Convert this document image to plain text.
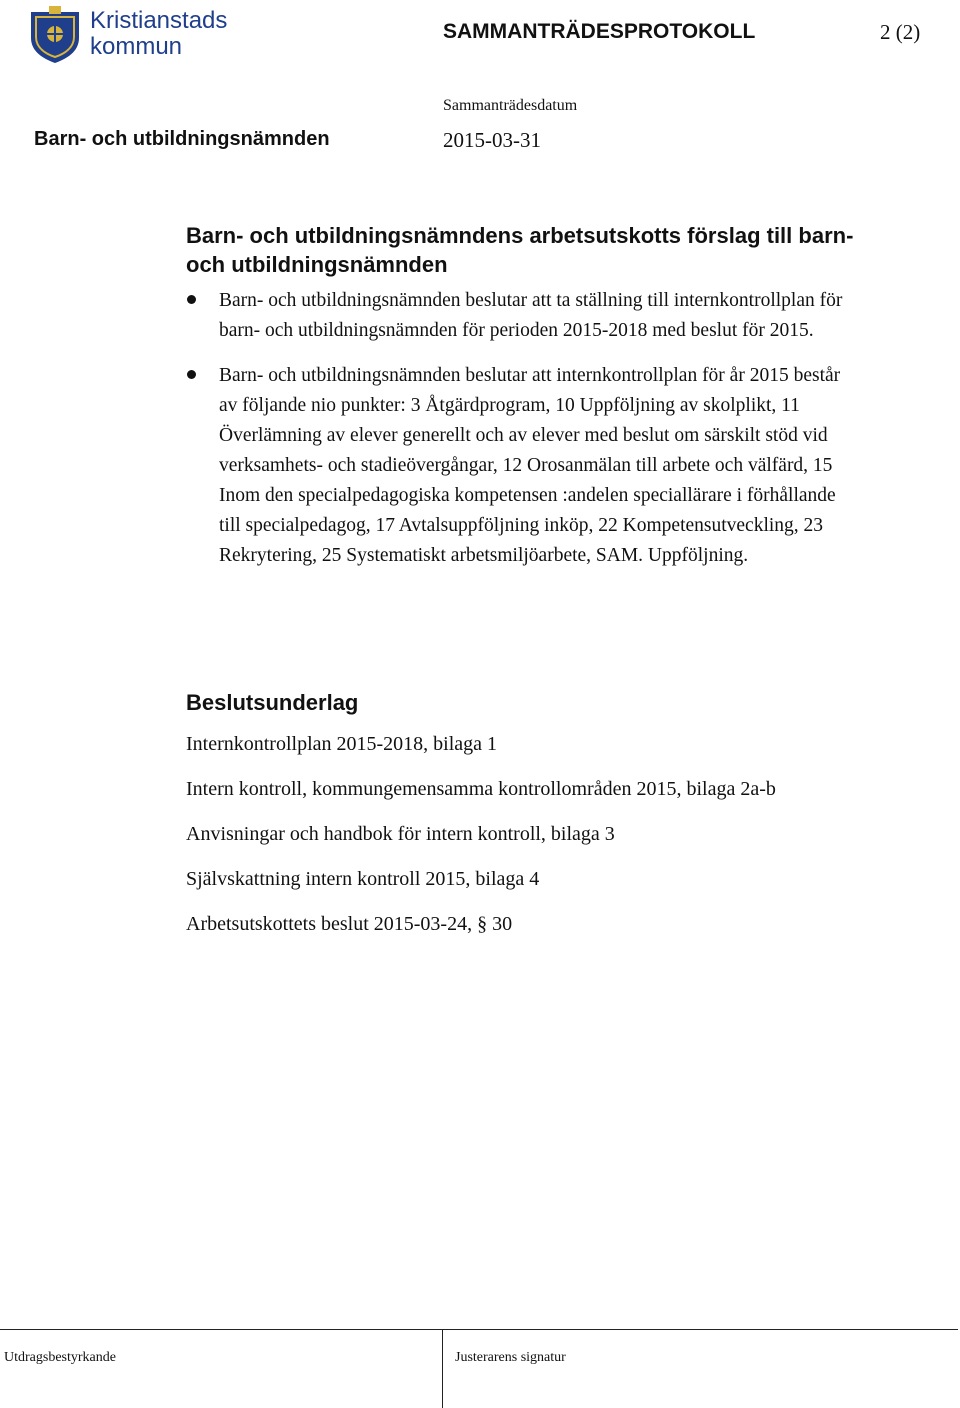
Kristianstads
kommun
SAMMANTRÄDESPROTOKOLL	2 (2)
Sammanträdesdatum
Barn- och utbildningsnämnden	2015-03-31
Barn- och utbildningsnämndens arbetsutskotts förslag till barn- och utbildningsnämnden
Barn- och utbildningsnämnden beslutar att ta ställning till internkontrollplan för barn- och utbildningsnämnden för perioden 2015-2018 med beslut för 2015.
Barn- och utbildningsnämnden beslutar att internkontrollplan för år 2015 består av följande nio punkter: 3 Åtgärdprogram, 10 Uppföljning av skolplikt, 11 Överlämning av elever generellt och av elever med beslut om särskilt stöd vid verksamhets- och stadieövergångar, 12 Orosanmälan till arbete och välfärd, 15 Inom den specialpedagogiska kompetensen :andelen speciallärare i förhållande till specialpedagog, 17 Avtalsuppföljning inköp, 22 Kompetensutveckling, 23 Rekrytering, 25 Systematiskt arbetsmiljöarbete, SAM. Uppföljning.
Beslutsunderlag
Internkontrollplan 2015-2018, bilaga 1
Intern kontroll, kommungemensamma kontrollområden 2015, bilaga 2a-b
Anvisningar och handbok för intern kontroll, bilaga 3
Självskattning intern kontroll 2015, bilaga 4
Arbetsutskottets beslut 2015-03-24, § 30
Utdragsbestyrkande	Justerarens signatur
